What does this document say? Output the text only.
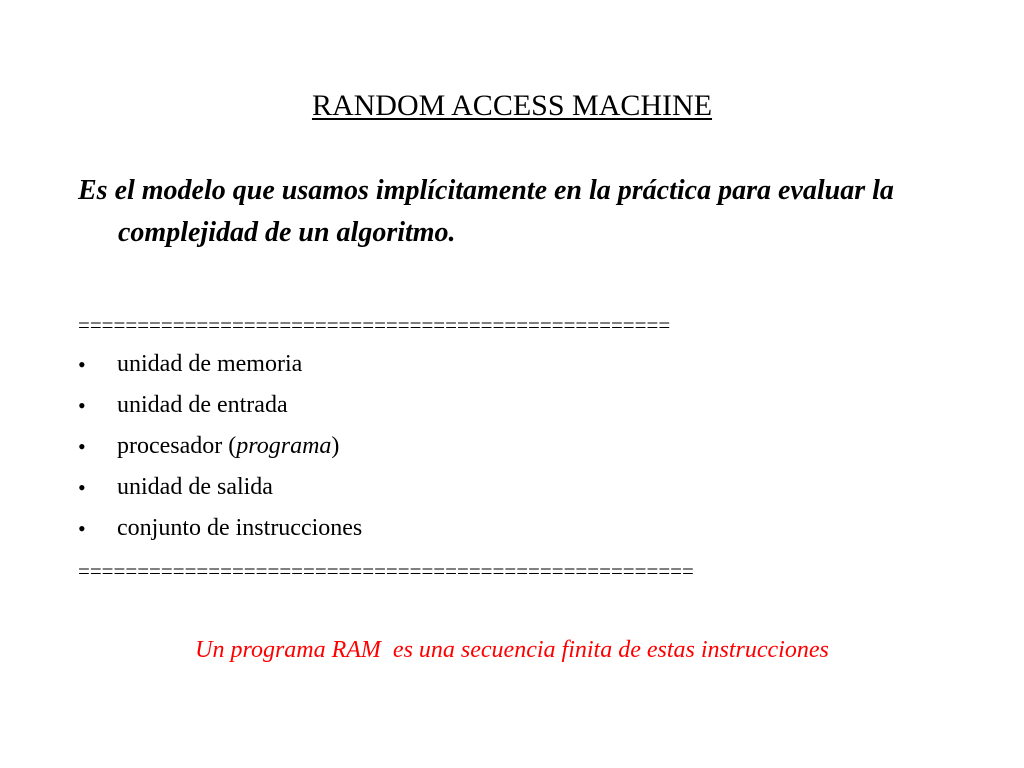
RANDOM ACCESS MACHINE
Es el modelo que usamos implícitamente en la práctica para evaluar la complejidad de un algoritmo.
==================================================
• unidad de memoria
• unidad de entrada
• procesador (programa)
• unidad de salida
• conjunto de instrucciones
====================================================
Un programa RAM  es una secuencia finita de estas instrucciones
